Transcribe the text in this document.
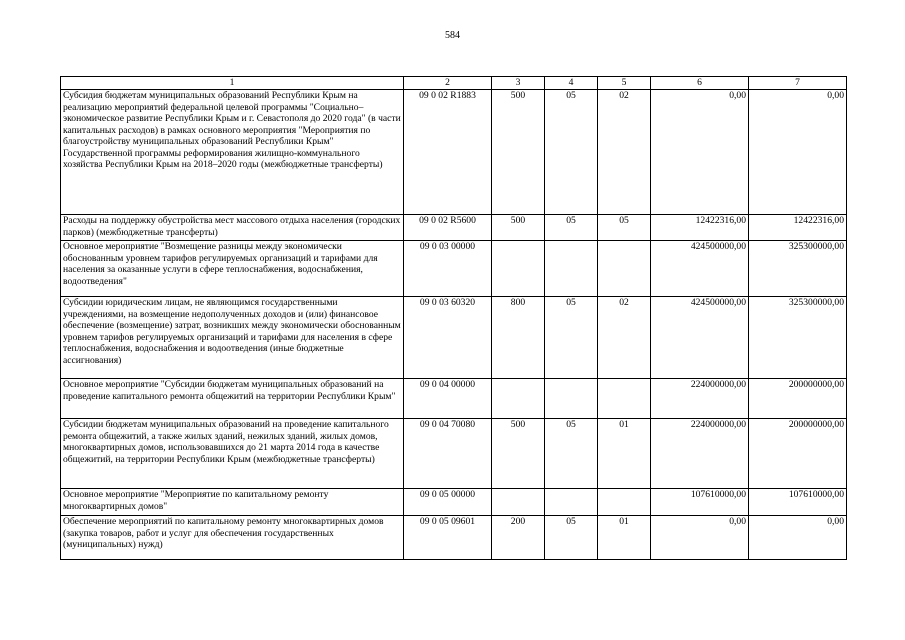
584
1	2	3	4	5	6	7
Субсидия бюджетам муниципальных образований Республики Крым на реализацию мероприятий федеральной целевой программы "Социально–экономическое развитие Республики Крым и г. Севастополя до 2020 года" (в части капитальных расходов) в рамках основного мероприятия "Мероприятия по благоустройству муниципальных образований Республики Крым" Государственной программы реформирования жилищно-коммунального хозяйства Республики Крым на 2018–2020 годы (межбюджетные трансферты)	09 0 02 R1883	500	05	02	0,00	0,00
Расходы на поддержку обустройства мест массового отдыха населения (городских парков) (межбюджетные трансферты)	09 0 02 R5600	500	05	05	12422316,00	12422316,00
Основное мероприятие "Возмещение разницы между экономически обоснованным уровнем тарифов регулируемых организаций и тарифами для населения за оказанные услуги в сфере теплоснабжения, водоснабжения, водоотведения"	09 0 03 00000				424500000,00	325300000,00
Субсидии юридическим лицам, не являющимся государственными учреждениями, на возмещение недополученных доходов и (или) финансовое обеспечение (возмещение) затрат, возникших между экономически обоснованным уровнем тарифов регулируемых организаций и тарифами для населения в сфере теплоснабжения, водоснабжения и водоотведения (иные бюджетные ассигнования)	09 0 03 60320	800	05	02	424500000,00	325300000,00
Основное мероприятие "Субсидии бюджетам муниципальных образований на проведение капитального ремонта общежитий на территории Республики Крым"	09 0 04 00000				224000000,00	200000000,00
Субсидии бюджетам муниципальных образований на проведение капитального ремонта общежитий, а также жилых зданий, нежилых зданий, жилых домов, многоквартирных домов, использовавшихся до 21 марта 2014 года в качестве общежитий, на территории Республики Крым (межбюджетные трансферты)	09 0 04 70080	500	05	01	224000000,00	200000000,00
Основное мероприятие "Мероприятие по капитальному ремонту многоквартирных домов"	09 0 05 00000				107610000,00	107610000,00
Обеспечение мероприятий по капитальному ремонту многоквартирных домов (закупка товаров, работ и услуг для обеспечения государственных (муниципальных) нужд)	09 0 05 09601	200	05	01	0,00	0,00
